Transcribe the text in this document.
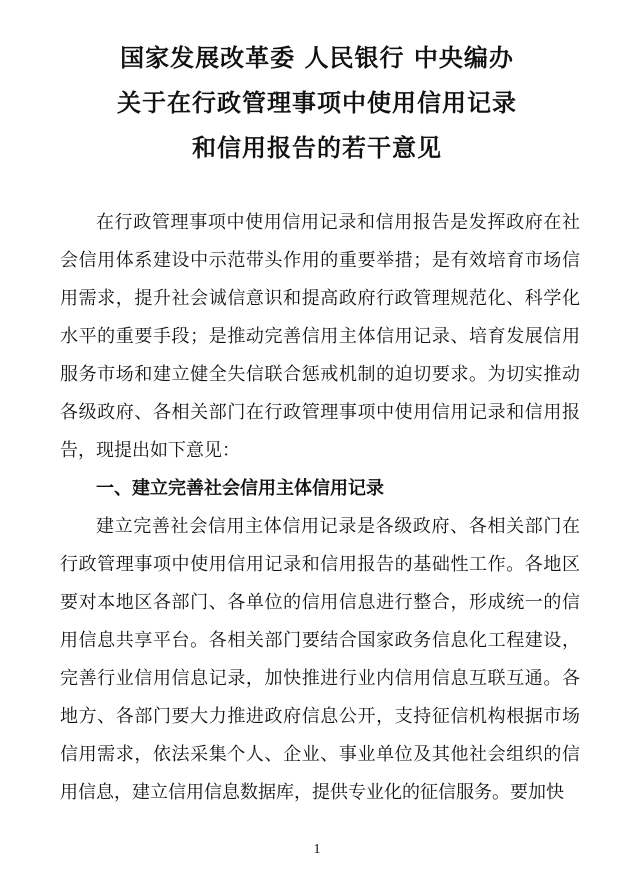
国家发展改革委 人民银行 中央编办
关于在行政管理事项中使用信用记录
和信用报告的若干意见

在行政管理事项中使用信用记录和信用报告是发挥政府在社会信用体系建设中示范带头作用的重要举措；是有效培育市场信用需求，提升社会诚信意识和提高政府行政管理规范化、科学化水平的重要手段；是推动完善信用主体信用记录、培育发展信用服务市场和建立健全失信联合惩戒机制的迫切要求。为切实推动各级政府、各相关部门在行政管理事项中使用信用记录和信用报告，现提出如下意见：

一、建立完善社会信用主体信用记录

建立完善社会信用主体信用记录是各级政府、各相关部门在行政管理事项中使用信用记录和信用报告的基础性工作。各地区要对本地区各部门、各单位的信用信息进行整合，形成统一的信用信息共享平台。各相关部门要结合国家政务信息化工程建设，完善行业信用信息记录，加快推进行业内信用信息互联互通。各地方、各部门要大力推进政府信息公开，支持征信机构根据市场信用需求，依法采集个人、企业、事业单位及其他社会组织的信用信息，建立信用信息数据库，提供专业化的征信服务。要加快

1
